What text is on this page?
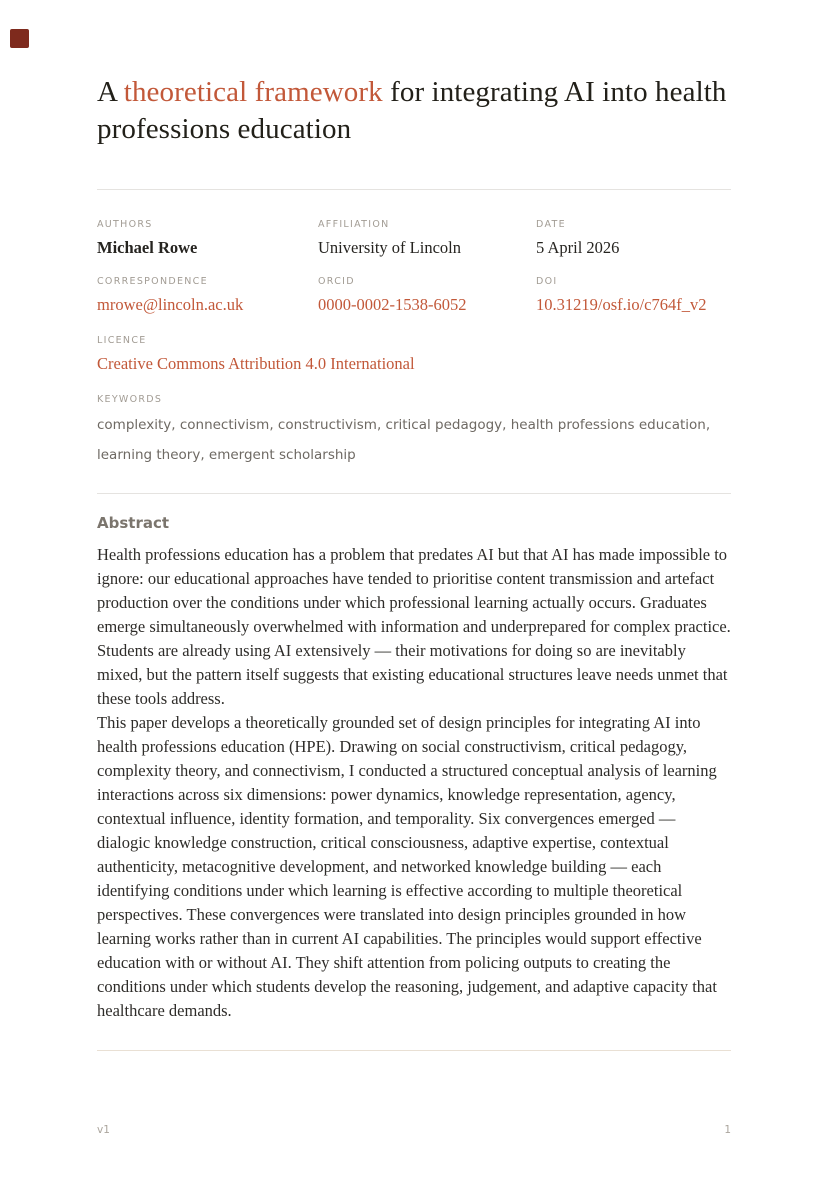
A theoretical framework for integrating AI into health professions education
AUTHORS
Michael Rowe
AFFILIATION
University of Lincoln
DATE
5 April 2026
CORRESPONDENCE
mrowe@lincoln.ac.uk
ORCID
0000-0002-1538-6052
DOI
10.31219/osf.io/c764f_v2
LICENCE
Creative Commons Attribution 4.0 International
KEYWORDS
complexity, connectivism, constructivism, critical pedagogy, health professions education, learning theory, emergent scholarship
Abstract

Health professions education has a problem that predates AI but that AI has made impossible to ignore: our educational approaches have tended to prioritise content transmission and artefact production over the conditions under which professional learning actually occurs. Graduates emerge simultaneously overwhelmed with information and underprepared for complex practice. Students are already using AI extensively — their motivations for doing so are inevitably mixed, but the pattern itself suggests that existing educational structures leave needs unmet that these tools address.

This paper develops a theoretically grounded set of design principles for integrating AI into health professions education (HPE). Drawing on social constructivism, critical pedagogy, complexity theory, and connectivism, I conducted a structured conceptual analysis of learning interactions across six dimensions: power dynamics, knowledge representation, agency, contextual influence, identity formation, and temporality. Six convergences emerged — dialogic knowledge construction, critical consciousness, adaptive expertise, contextual authenticity, metacognitive development, and networked knowledge building — each identifying conditions under which learning is effective according to multiple theoretical perspectives. These convergences were translated into design principles grounded in how learning works rather than in current AI capabilities. The principles would support effective education with or without AI. They shift attention from policing outputs to creating the conditions under which students develop the reasoning, judgement, and adaptive capacity that healthcare demands.

v1	1
